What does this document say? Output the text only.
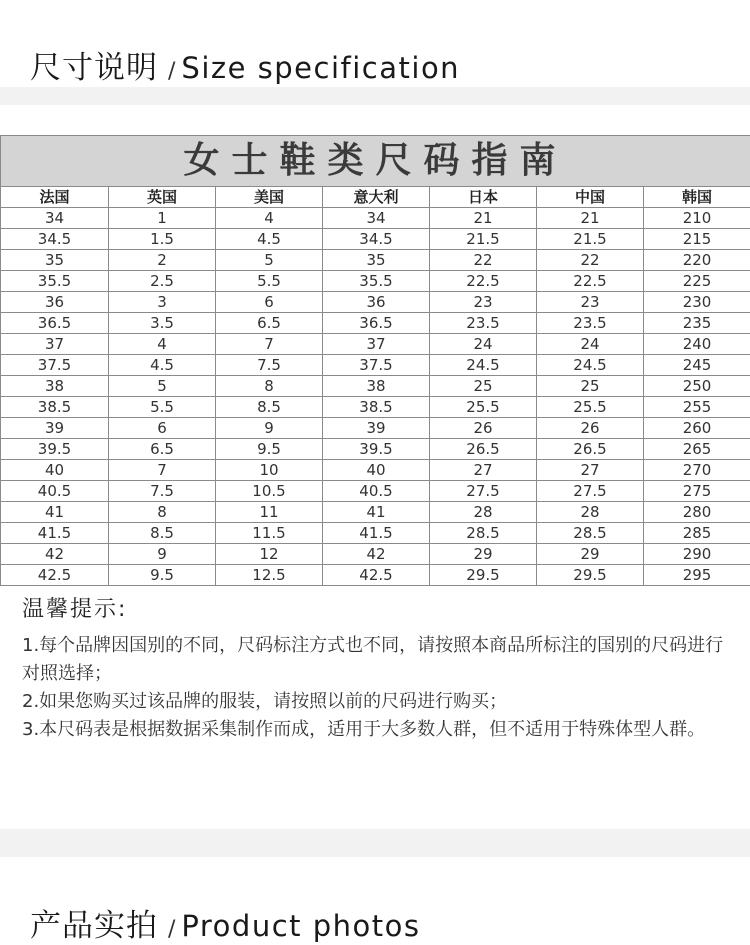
尺寸说明 / Size specification
女士鞋类尺码指南						
法国	英国	美国	意大利	日本	中国	韩国
34	1	4	34	21	21	210
34.5	1.5	4.5	34.5	21.5	21.5	215
35	2	5	35	22	22	220
35.5	2.5	5.5	35.5	22.5	22.5	225
36	3	6	36	23	23	230
36.5	3.5	6.5	36.5	23.5	23.5	235
37	4	7	37	24	24	240
37.5	4.5	7.5	37.5	24.5	24.5	245
38	5	8	38	25	25	250
38.5	5.5	8.5	38.5	25.5	25.5	255
39	6	9	39	26	26	260
39.5	6.5	9.5	39.5	26.5	26.5	265
40	7	10	40	27	27	270
40.5	7.5	10.5	40.5	27.5	27.5	275
41	8	11	41	28	28	280
41.5	8.5	11.5	41.5	28.5	28.5	285
42	9	12	42	29	29	290
42.5	9.5	12.5	42.5	29.5	29.5	295
温馨提示:

1.每个品牌因国别的不同，尺码标注方式也不同，请按照本商品所标注的国别的尺码进行对照选择；

2.如果您购买过该品牌的服装，请按照以前的尺码进行购买；

3.本尺码表是根据数据采集制作而成，适用于大多数人群，但不适用于特殊体型人群。

产品实拍 / Product photos
